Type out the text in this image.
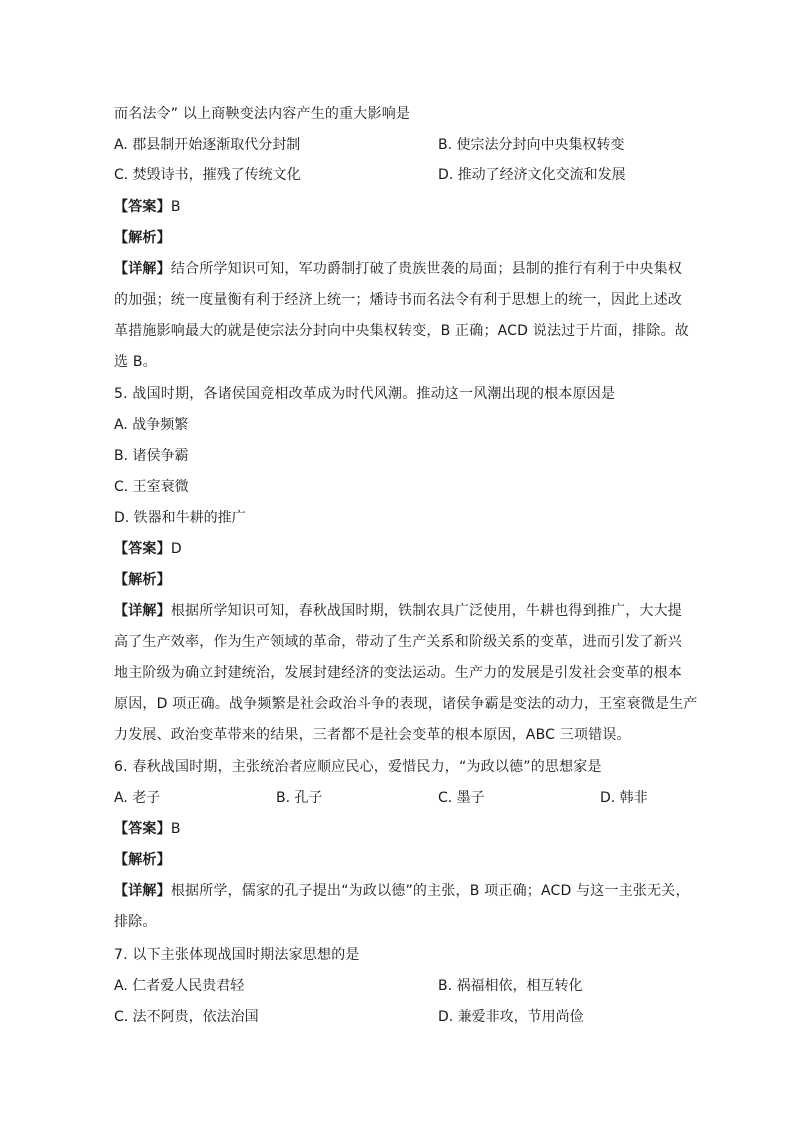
而名法令” 以上商鞅变法内容产生的重大影响是
A. 郡县制开始逐渐取代分封制	B. 使宗法分封向中央集权转变
C. 焚毁诗书，摧残了传统文化	D. 推动了经济文化交流和发展
【答案】B
【解析】
【详解】结合所学知识可知，军功爵制打破了贵族世袭的局面；县制的推行有利于中央集权
的加强；统一度量衡有利于经济上统一；燔诗书而名法令有利于思想上的统一，因此上述改
革措施影响最大的就是使宗法分封向中央集权转变，B 正确；ACD 说法过于片面，排除。故
选 B。
5. 战国时期，各诸侯国竞相改革成为时代风潮。推动这一风潮出现的根本原因是
A. 战争频繁
B. 诸侯争霸
C. 王室衰微
D. 铁器和牛耕的推广
【答案】D
【解析】
【详解】根据所学知识可知，春秋战国时期，铁制农具广泛使用，牛耕也得到推广，大大提
高了生产效率，作为生产领域的革命，带动了生产关系和阶级关系的变革，进而引发了新兴
地主阶级为确立封建统治，发展封建经济的变法运动。生产力的发展是引发社会变革的根本
原因，D 项正确。战争频繁是社会政治斗争的表现，诸侯争霸是变法的动力，王室衰微是生产
力发展、政治变革带来的结果，三者都不是社会变革的根本原因，ABC 三项错误。
6. 春秋战国时期，主张统治者应顺应民心，爱惜民力，“为政以德”的思想家是
A. 老子	B. 孔子	C. 墨子	D. 韩非
【答案】B
【解析】
【详解】根据所学，儒家的孔子提出“为政以德”的主张，B 项正确；ACD 与这一主张无关，
排除。
7. 以下主张体现战国时期法家思想的是
A. 仁者爱人民贵君轻	B. 祸福相依，相互转化
C. 法不阿贵，依法治国	D. 兼爱非攻，节用尚俭
